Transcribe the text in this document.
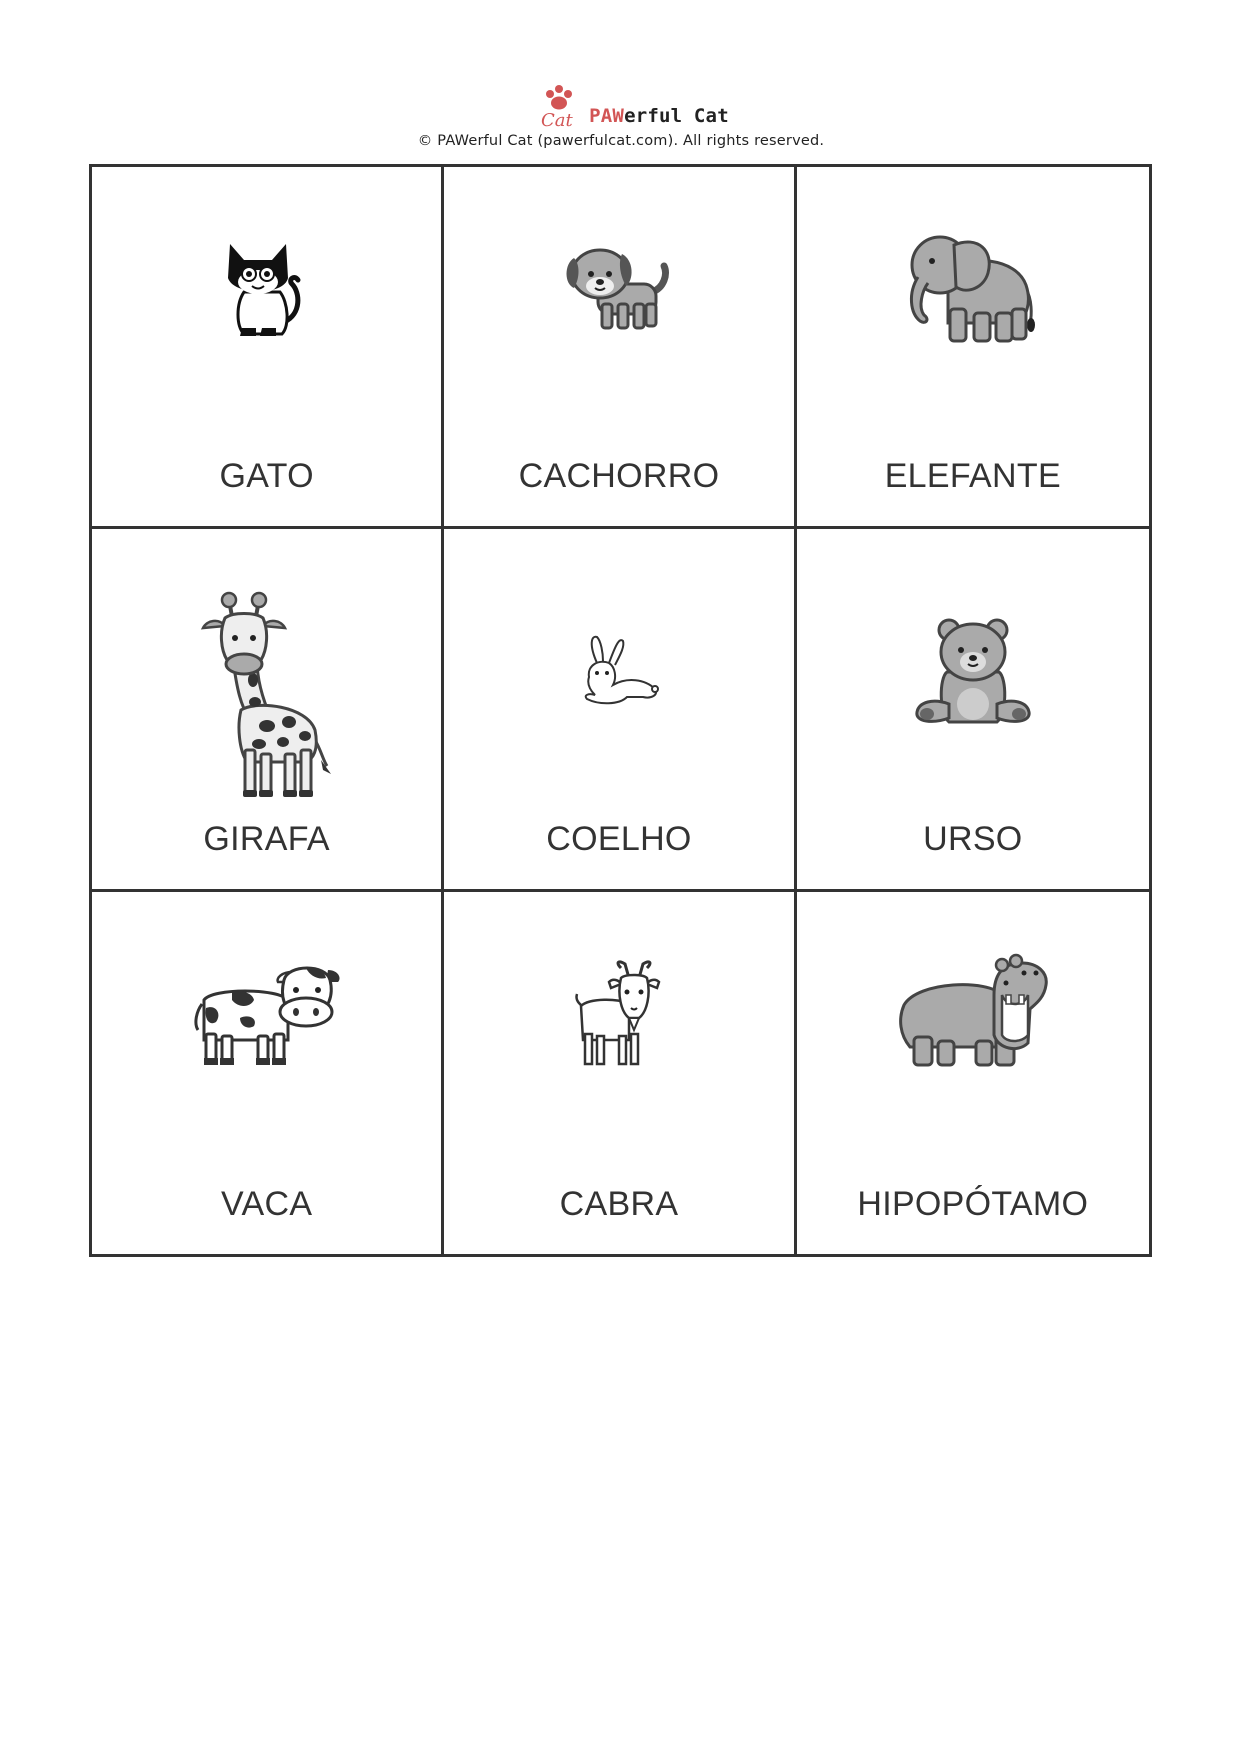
Cat PAWerful Cat
© PAWerful Cat (pawerfulcat.com). All rights reserved.
GATO	CACHORRO	ELEFANTE
GIRAFA	COELHO	URSO
VACA	CABRA	HIPOPÓTAMO
